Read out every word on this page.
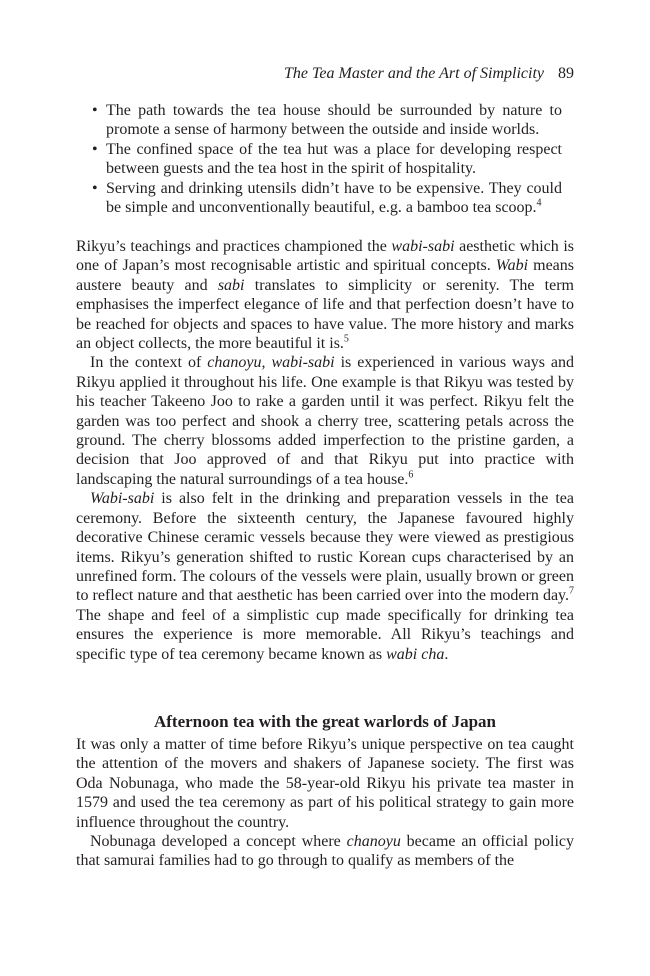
The Tea Master and the Art of Simplicity 89
• The path towards the tea house should be surrounded by nature to promote a sense of harmony between the outside and inside worlds.
• The confined space of the tea hut was a place for developing respect between guests and the tea host in the spirit of hospitality.
• Serving and drinking utensils didn’t have to be expensive. They could be simple and unconventionally beautiful, e.g. a bamboo tea scoop.$^4$

Rikyu’s teachings and practices championed the wabi-sabi aesthetic which is one of Japan’s most recognisable artistic and spiritual concepts. Wabi means austere beauty and sabi translates to simplicity or serenity. The term emphasises the imperfect elegance of life and that perfection doesn’t have to be reached for objects and spaces to have value. The more history and marks an object collects, the more beautiful it is.$^5$

In the context of chanoyu, wabi-sabi is experienced in various ways and Rikyu applied it throughout his life. One example is that Rikyu was tested by his teacher Takeeno Joo to rake a garden until it was perfect. Rikyu felt the garden was too perfect and shook a cherry tree, scattering petals across the ground. The cherry blossoms added imperfection to the pristine garden, a decision that Joo approved of and that Rikyu put into practice with landscaping the natural surroundings of a tea house.$^6$

Wabi-sabi is also felt in the drinking and preparation vessels in the tea ceremony. Before the sixteenth century, the Japanese favoured highly decorative Chinese ceramic vessels because they were viewed as prestigious items. Rikyu’s generation shifted to rustic Korean cups characterised by an unrefined form. The colours of the vessels were plain, usually brown or green to reflect nature and that aesthetic has been carried over into the modern day.$^7$ The shape and feel of a simplistic cup made specifically for drinking tea ensures the experience is more memorable. All Rikyu’s teachings and specific type of tea ceremony became known as wabi cha.

Afternoon tea with the great warlords of Japan

It was only a matter of time before Rikyu’s unique perspective on tea caught the attention of the movers and shakers of Japanese society. The first was Oda Nobunaga, who made the 58-year-old Rikyu his private tea master in 1579 and used the tea ceremony as part of his political strategy to gain more influence throughout the country.

Nobunaga developed a concept where chanoyu became an official policy that samurai families had to go through to qualify as members of the
